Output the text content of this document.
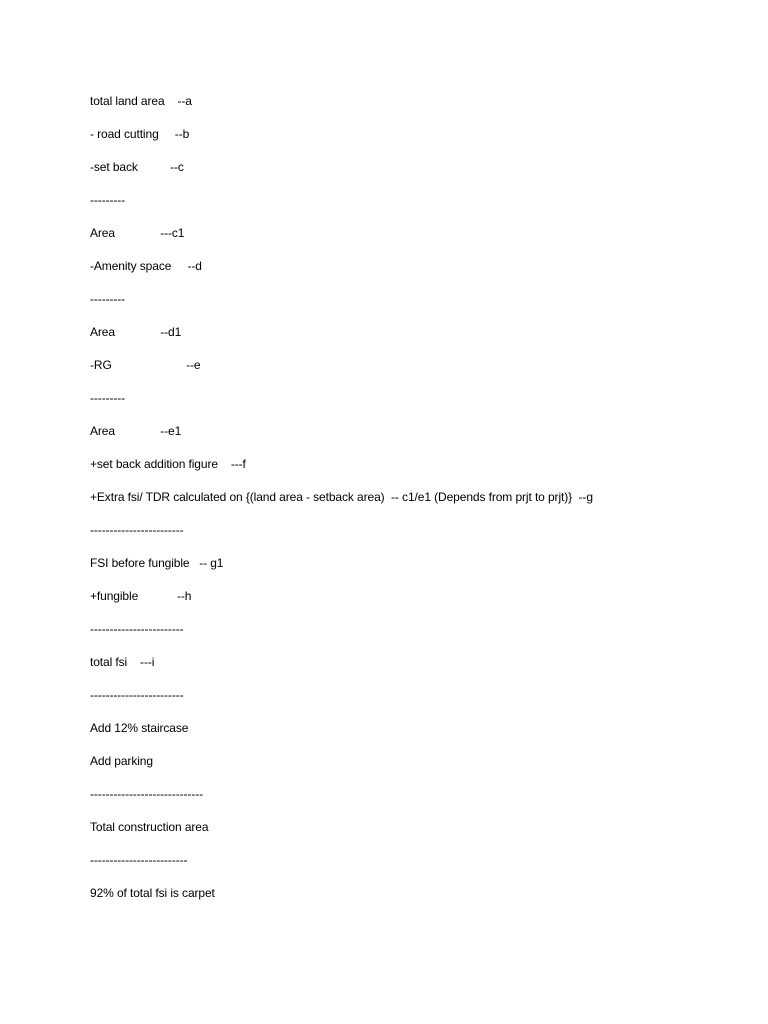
total land area    --a
- road cutting     --b
-set back          --c
---------
Area              ---c1
-Amenity space     --d
---------
Area              --d1
-RG                       --e
---------
Area              --e1
+set back addition figure    ---f
+Extra fsi/ TDR calculated on {(land area - setback area)  -- c1/e1 (Depends from prjt to prjt)}  --g
------------------------
FSI before fungible   -- g1
+fungible            --h
------------------------
total fsi    ---i
------------------------
Add 12% staircase
Add parking
-----------------------------
Total construction area
-------------------------
92% of total fsi is carpet
